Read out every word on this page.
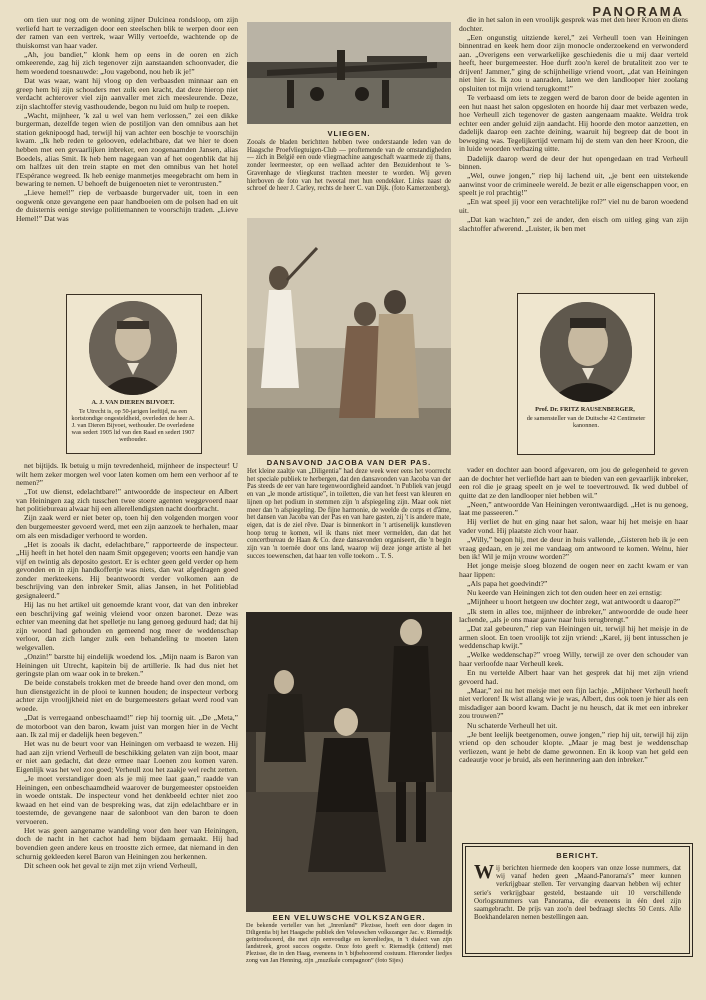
PANORAMA

om tien uur nog om de woning zijner Dulcinea rondsloop, om zijn verliefd hart te verzadigen door een steelschen blik te werpen door een der ramen van een vertrek, waar Willy vertoefde, wachtende op de thuiskomst van haar vader.

„Ah, jou bandiet,” klonk hem op eens in de ooren en zich omkeerende, zag hij zich tegenover zijn aanstaanden schoonvader, die hem woedend toesnauwde: „Jou vagebond, nou heb ik je!”

Dat was waar, want hij vloog op den verbaasden minnaar aan en greep hem bij zijn schouders met zulk een kracht, dat deze hierop niet verdacht achterover viel zijn aanvaller met zich meesleurende. Deze, zijn slachtoffer stevig vasthoudende, begon nu luid om hulp te roepen.

„Wacht, mijnheer, 'k zal u wel van hem verlossen,” zei een dikke burgerman, dezelfde tegen wien de postiljon van den omnibus aan het station geknipoogd had, terwijl hij van achter een boschje te voorschijn kwam. „Ik heb reden te gelooven, edelachtbare, dat we hier te doen hebben met een gevaarlijken inbreker, een zoogenaamden Jansen, alias Boedels, alias Smit. Ik heb hem nagegaan van af het oogenblik dat hij om halfzes uit den trein stapte en met den omnibus van het hotel l'Espérance wegreed. Ik heb eenige manmetjes meegebracht om hem in bewaring te nemen. U behoeft de buigenoeten niet te verontrusten.”

„Lieve hemel!” riep de verbaasde burgervader uit, toen in een oogwenk onze gevangene een paar handboeien om de polsen had en uit de duisternis eenige stevige politiemannen te voorschijn traden. „Lieve Hemel!” Dat was

A. J. VAN DIEREN BIJVOET.
Te Utrecht is, op 50-jarigen leeftijd, na een kortstondige ongesteldheid, overleden de heer A. J. van Dieren Bijvoet, wethouder. De overledene was sedert 1905 lid van den Raad en sedert 1907 wethouder.

net bijtijds. Ik betuig u mijn tevredenheid, mijnheer de inspecteur! U wilt hem zeker morgen wel voor laten komen om hem een verhoor af te nemen?”

„Tot uw dienst, edelachtbare!” antwoordde de inspecteur en Albert van Heiningen zag zich tusschen twee stoere agenten weggevoerd naar het politiebureau alwaar hij een allerellendigsten nacht doorbracht.

Zijn zaak werd er niet beter op, toen hij den volgenden morgen voor den burgemeester gevoerd werd, met een zijn aanzoek te herhalen, maar om als een misdadiger verhoord te worden.

„Het is zooals ik dacht, edelachtbare,” rapporteerde de inspecteur. „Hij heeft in het hotel den naam Smit opgegeven; voorts een handje van vijf en twintig als deposito gestort. Er is echter geen geld verder op hem gevonden en in zijn handkoffertje was niets, dan wat afgedragen goed zonder merkteekens. Hij beantwoordt verder volkomen aan de beschrijving van den inbreker Smit, alias Jansen, in het Politieblad gesignaleerd.”

Hij las nu het artikel uit genoemde krant voor, dat van den inbreker een beschrijving gaf weinig vleiend voor onzen baronet. Deze was echter van meening dat het spelletje nu lang genoeg geduurd had; dat hij zijn woord had gehouden en gemeend nog meer de weddenschap verloor, dan zich langer zulk een behandeling te moeten laten welgevallen.

„Onzin!” barstte hij eindelijk woedend los. „Mijn naam is Baron van Heiningen uit Utrecht, kapitein bij de artillerie. Ik had dus niet het geringste plan om waar ook in te breken.”

De beide constabels trokken met de breede hand over den mond, om hun dienstgezicht in de plooi te kunnen houden; de inspecteur verborg achter zijn vrooljjkheid niet en de burgemeesters gelaat werd rood van woede.

„Dat is verregaand onbeschaamd!” riep hij toornig uit. „De „Meta,” de motorboot van den baron, kwam juist van morgen hier in de Vecht aan. Ik zal mij er dadelijk heen begeven.”

Het was nu de beurt voor van Heiningen om verbaasd te wezen. Hij had aan zijn vriend Verheull de beschikking gelaten van zijn boot, maar er niet aan gedacht, dat deze ermee naar Loenen zou komen varen. Eigenlijk was het wel zoo goed; Verheull zou het zaakje wel recht zetten.

„Je moet verstandiger doen als je mij mee laat gaan,” raadde van Heiningen, een onbeschaamdheid waarover de burgemeester opstoeiden in woede ontstak. De inspecteur vond het denkbeeld echter niet zoo kwaad en het eind van de bespreking was, dat zijn edelachtbare er in toestemde, de gevangene naar de salonboot van den baron te doen vervoeren.

Het was geen aangename wandeling voor den heer van Heiningen, doch de nacht in het cachot had hem bijdaam gemaakt. Hij had bovendien geen andere keus en troostte zich ermee, dat niemand in den schurnig gekleeden kerel Baron van Heiningen zou herkennen.

Dit scheen ook het geval te zijn met zijn vriend Verheull,

VLIEGEN.
Zooals de bladen berichtten hebben twee onderstaande leden van de Haagsche Proefvliegtuigen-Club — proftemende van de omstandigheden — zich in België een oude vliegmachine aangeschaft waarmede zij thans, zonder leermeester, op een wellaad achter den Bezuidenhout te 's-Gravenhage de vliegkunst trachten meester te worden. Wij geven hierboven de foto van het tweetal met hun eendekker. Links naast de schroef de heer J. Carley, rechts de heer C. van Dijk. (foto Kamerzenberg).
DANSAVOND JACOBA VAN DER PAS.
Het kleine zaaltje van „Diligentia” had deze week weer eens het voorrecht het speciale publiek te herbergen, dat den dansavonden van Jacoba van der Pas steeds de eer van hare tegenwoordigheid aandoet. 'n Publiek van jeugd en van „le monde artistique”, in toiletten, die van het feest van kleuren en lijnen op het podium in stemmen zijn 'n afspiegeling zijn. Maar ook niet meer dan 'n afspiegeling. De fijne harmonie, de weelde de corps et d'âme, het dansen van Jacoba van der Pas en van hare gasten, zij 't is andere mate, eigen, dat is de ziel rêve. Daar is binnenkort in 't artisenelijk kunstleven hoop terug te komen, wil ik thans niet meer vermelden, dan dat het concertbureau de Haan & Co. deze dansavonden organiseert, die 'n begin zijn van 'n toernée door ons land, waarop wij deze jonge artiste al het succes toewenschen, dat haar ten volle toekom .. T. S.
EEN VELUWSCHE VOLKSZANGER.
De bekende verteller van het „Inrenland” Plezisse, hoeft een door dagen in Diligentia bij het Haagsche publiek den Veluwschen volkszanger Jac. v. Riemsdijk geïntroduceerd, die met zijn eenvoudige en kerenliedjes, in 't dialect van zijn landstreek, groot succes oogstte. Onze foto geeft v. Riemsdijk (zittend) met Plezisse, die in den Haag, eveneens in 't bijbehoorend costuum. Hieronder liedjes zong van Jan Henning, zijn „muzikale compagnon” (foto Sijes)

die in het salon in een vroolijk gesprek was met den heer Kroon en diens dochter.

„Een ongunstig uitziende kerel,” zei Verheull toen van Heiningen binnentrad en keek hem door zijn monocle onderzoekend en verwonderd aan. „Overigens een verwarkelijke geschiedenis die u mij daar verteld heeft, heer burgemeester. Hoe durft zoo'n kerel de brutaliteit zoo ver te drijven! Jammer,” ging de schijnheilige vriend voort, „dat van Heiningen niet hier is. Ik zou u aanraden, laten we den landlooper hier zoolang opsluiten tot mijn vriend terugkomt!”

Te verbaasd om iets te zeggen werd de baron door de beide agenten in een hut naast het salon opgesloten en hoorde hij daar met verbazen wede, hoe Verheull zich tegenover de gasten aangenaam maakte. Weldra trok echter een ander geluid zijn aandacht. Hij hoorde den motor aanzetten, en dadelijk daarop een zachte deining, waaruit hij begreep dat de boot in beweging was. Tegelijkertijd vernam hij de stem van den heer Kroon, die in luide woorden verbazing uitte.

Dadelijk daarop werd de deur der hut opengedaan en trad Verheull binnen.

„Wel, ouwe jongen,” riep hij lachend uit, „je bent een uitstekende aanwinst voor de crimineele wereld. Je bezit er alle eigenschappen voor, en speelt je rol prachtig!”

„En wat speel jij voor een verachtelijke rol?” viel nu de baron woedend uit.

„Dat kan wachten,” zei de ander, den eisch om uitleg ging van zijn slachtoffer afwerend. „Luister, ik ben met

Prof. Dr. FRITZ RAUSENBERGER,
de samensteller van de Duitsche 42 Centimeter kanonnen.

vader en dochter aan boord afgevaren, om jou de gelegenheid te geven aan de dochter het verlieflde hart aan te bieden van een gevaarlijk inbreker, een rol die je graag speelt en je wel te toevertrouwd. Ik wed dubbel of quitte dat ze den landlooper niet hebben wil.”

„Neen,” antwoordde Van Heiningen verontwaardigd. „Het is nu genoeg, laat me passeeren.”

Hij verliet de hut en ging naar het salon, waar hij het meisje en haar vader vond. Hij plaatste zich voor haar.

„Willy,” begon hij, met de deur in huis vallende, „Gisteren heb ik je een vraag gedaan, en je zei me vandaag om antwoord te komen. Welnu, hier ben ik! Wil je mijn vrouw worden?”

Het jonge meisje sloeg blozend de oogen neer en zacht kwam er van haar lippen:

„Als papa het goedvindt?”

Nu keerde van Heiningen zich tot den ouden heer en zei ernstig:

„Mijnheer u hoort hetgeen uw dochter zegt, wat antwoordt u daarop?”

„Ik stem in alles toe, mijnheer de inbreker,” antwoordde de oude heer lachende, „als je ons maar gauw naar huis terugbrengt.”

„Dat zal gebeuren,” riep van Heiningen uit, terwijl hij het meisje in de armen sloot. En toen vroolijk tot zijn vriend: „Karel, jij bent intusschen je weddenschap kwijt.”

„Welke weddenschap?” vroeg Willy, terwijl ze over den schouder van haar verloofde naar Verheull keek.

En nu vertelde Albert haar van het gesprek dat hij met zijn vriend gevoerd had.

„Maar,” zei nu het meisje met een fijn lachje. „Mijnheer Verheull heeft niet verloren! Ik wist allang wie je was, Albert, dus ook toen je hier als een misdadiger aan boord kwam. Dacht je nu heusch, dat ik met een inbreker zou trouwen?”

Nu schaterde Verheull het uit.

„Je bent leelijk beetgenomen, ouwe jongen,” riep hij uit, terwijl hij zijn vriend op den schouder klopte. „Maar je mag best je weddenschap verliezen, want je hebt de dame gewonnen. En ik koop van het geld een cadeautje voor je bruid, als een herinnering aan den inbreker.”

BERICHT.
Wij berichten hiermede den koopers van onze losse nummers, dat wij vanaf heden geen „Maand-Panorama's” meer kunnen verkrijgbaar stellen. Ter vervanging daarvan hebben wij echter serie's verkrijgbaar gesteld, bestaande uit 10 verschillende Oorlogsnummers van Panorama, die eveneens in één deel zijn saamgebracht. De prijs van zoo'n deel bedraagt slechts 50 Cents. Alle Boekhandelaren nemen bestellingen aan.
